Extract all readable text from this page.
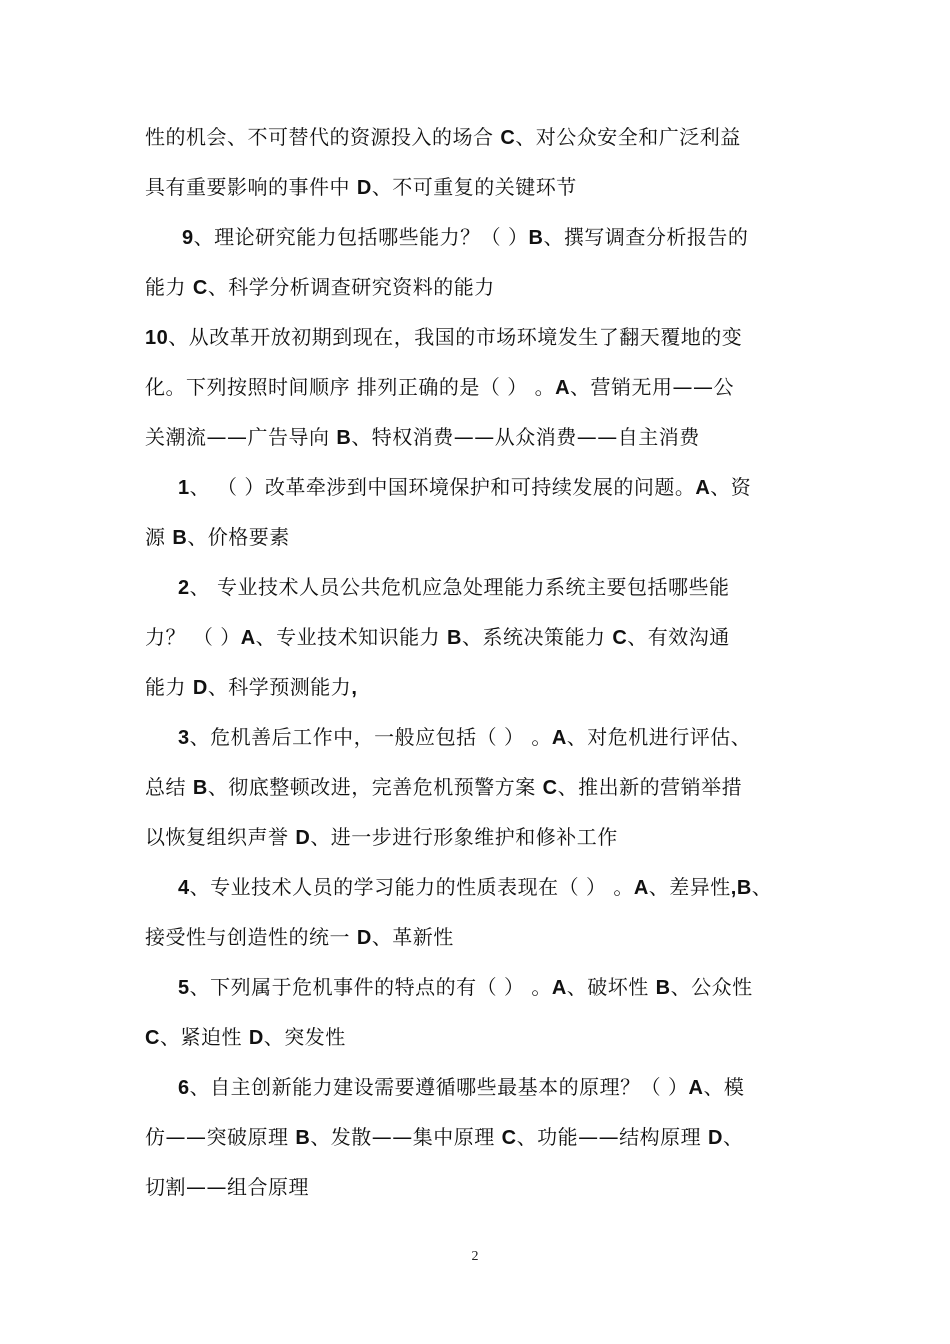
性的机会、不可替代的资源投入的场合 C、对公众安全和广泛利益
具有重要影响的事件中 D、不可重复的关键环节
9、理论研究能力包括哪些能力？（ ）B、撰写调查分析报告的
能力 C、科学分析调查研究资料的能力
10、从改革开放初期到现在，我国的市场环境发生了翻天覆地的变
化。下列按照时间顺序 排列正确的是（ ） 。A、营销无用——公
关潮流——广告导向 B、特权消费——从众消费——自主消费
1、 （ ）改革牵涉到中国环境保护和可持续发展的问题。A、资
源 B、价格要素
2、 专业技术人员公共危机应急处理能力系统主要包括哪些能
力？ （ ）A、专业技术知识能力 B、系统决策能力 C、有效沟通
能力 D、科学预测能力,
3、危机善后工作中，一般应包括（ ） 。A、对危机进行评估、
总结 B、彻底整顿改进，完善危机预警方案 C、推出新的营销举措
以恢复组织声誉 D、进一步进行形象维护和修补工作
4、专业技术人员的学习能力的性质表现在（ ） 。A、差异性,B、
接受性与创造性的统一 D、革新性
5、下列属于危机事件的特点的有（ ） 。A、破坏性 B、公众性
C、紧迫性 D、突发性
6、自主创新能力建设需要遵循哪些最基本的原理？（ ）A、模
仿——突破原理 B、发散——集中原理 C、功能——结构原理 D、
切割——组合原理
2
